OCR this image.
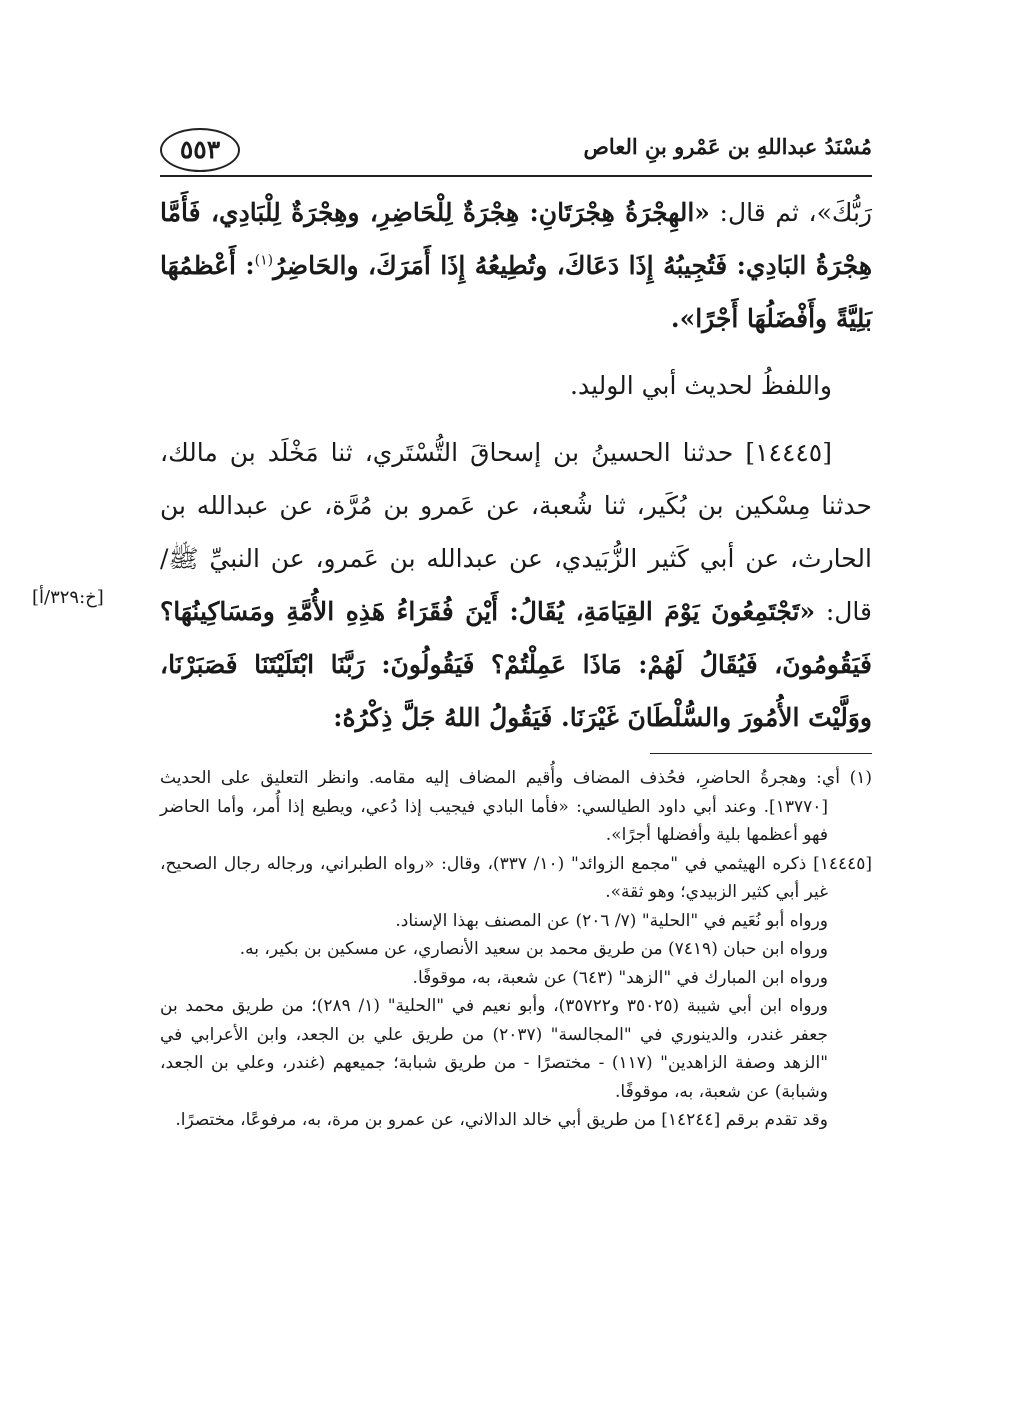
٥٥٣	مُسْنَدُ عبداللهِ بن عَمْرو بنِ العاص

رَبُّكَ»، ثم قال: «الهِجْرَةُ هِجْرَتَانِ: هِجْرَةٌ لِلْحَاضِرِ، وهِجْرَةٌ لِلْبَادِي، فَأَمَّا هِجْرَةُ البَادِي: فَتُجِيبُهُ إِذَا دَعَاكَ، وتُطِيعُهُ إِذَا أَمَرَكَ، والحَاضِرُ$^{(١)}$: أَعْظمُهَا بَلِيَّةً وأَفْضَلُهَا أَجْرًا».

واللفظُ لحديث أبي الوليد.

[١٤٤٤٥] حدثنا الحسينُ بن إسحاقَ التُّسْتَري، ثنا مَخْلَد بن مالك، حدثنا مِسْكين بن بُكَير، ثنا شُعبة، عن عَمرو بن مُرَّة، عن عبدالله بن الحارث، عن أبي كَثير الزُّبَيدي، عن عبدالله بن عَمرو، عن النبيِّ ﷺ/ قال: «تَجْتَمِعُونَ يَوْمَ القِيَامَةِ، يُقَالُ: أَيْنَ فُقَرَاءُ هَذِهِ الأُمَّةِ ومَسَاكِينُهَا؟ فَيَقُومُونَ، فَيُقَالُ لَهُمْ: مَاذَا عَمِلْتُمْ؟ فَيَقُولُونَ: رَبَّنَا ابْتَلَيْتَنَا فَصَبَرْنَا، ووَلَّيْتَ الأُمُورَ والسُّلْطَانَ غَيْرَنَا. فَيَقُولُ اللهُ جَلَّ ذِكْرُهُ:

[خ:٣٢٩/أ]

(١) أي: وهجرةُ الحاضرِ، فحُذف المضاف وأُقيم المضاف إليه مقامه. وانظر التعليق على الحديث [١٣٧٧٠]. وعند أبي داود الطيالسي: «فأما البادي فيجيب إذا دُعي، ويطيع إذا أُمر، وأما الحاضر فهو أعظمها بلية وأفضلها أجرًا».

[١٤٤٤٥] ذكره الهيثمي في "مجمع الزوائد" (١٠/ ٣٣٧)، وقال: «رواه الطبراني، ورجاله رجال الصحيح، غير أبي كثير الزبيدي؛ وهو ثقة».

ورواه أبو نُعَيم في "الحلية" (٧/ ٢٠٦) عن المصنف بهذا الإسناد.

ورواه ابن حبان (٧٤١٩) من طريق محمد بن سعيد الأنصاري، عن مسكين بن بكير، به.

ورواه ابن المبارك في "الزهد" (٦٤٣) عن شعبة، به، موقوفًا.

ورواه ابن أبي شيبة (٣٥٠٢٥ و٣٥٧٢٢)، وأبو نعيم في "الحلية" (١/ ٢٨٩)؛ من طريق محمد بن جعفر غندر، والدينوري في "المجالسة" (٢٠٣٧) من طريق علي بن الجعد، وابن الأعرابي في "الزهد وصفة الزاهدين" (١١٧) - مختصرًا - من طريق شبابة؛ جميعهم (غندر، وعلي بن الجعد، وشبابة) عن شعبة، به، موقوفًا.

وقد تقدم برقم [١٤٢٤٤] من طريق أبي خالد الدالاني، عن عمرو بن مرة، به، مرفوعًا، مختصرًا.
